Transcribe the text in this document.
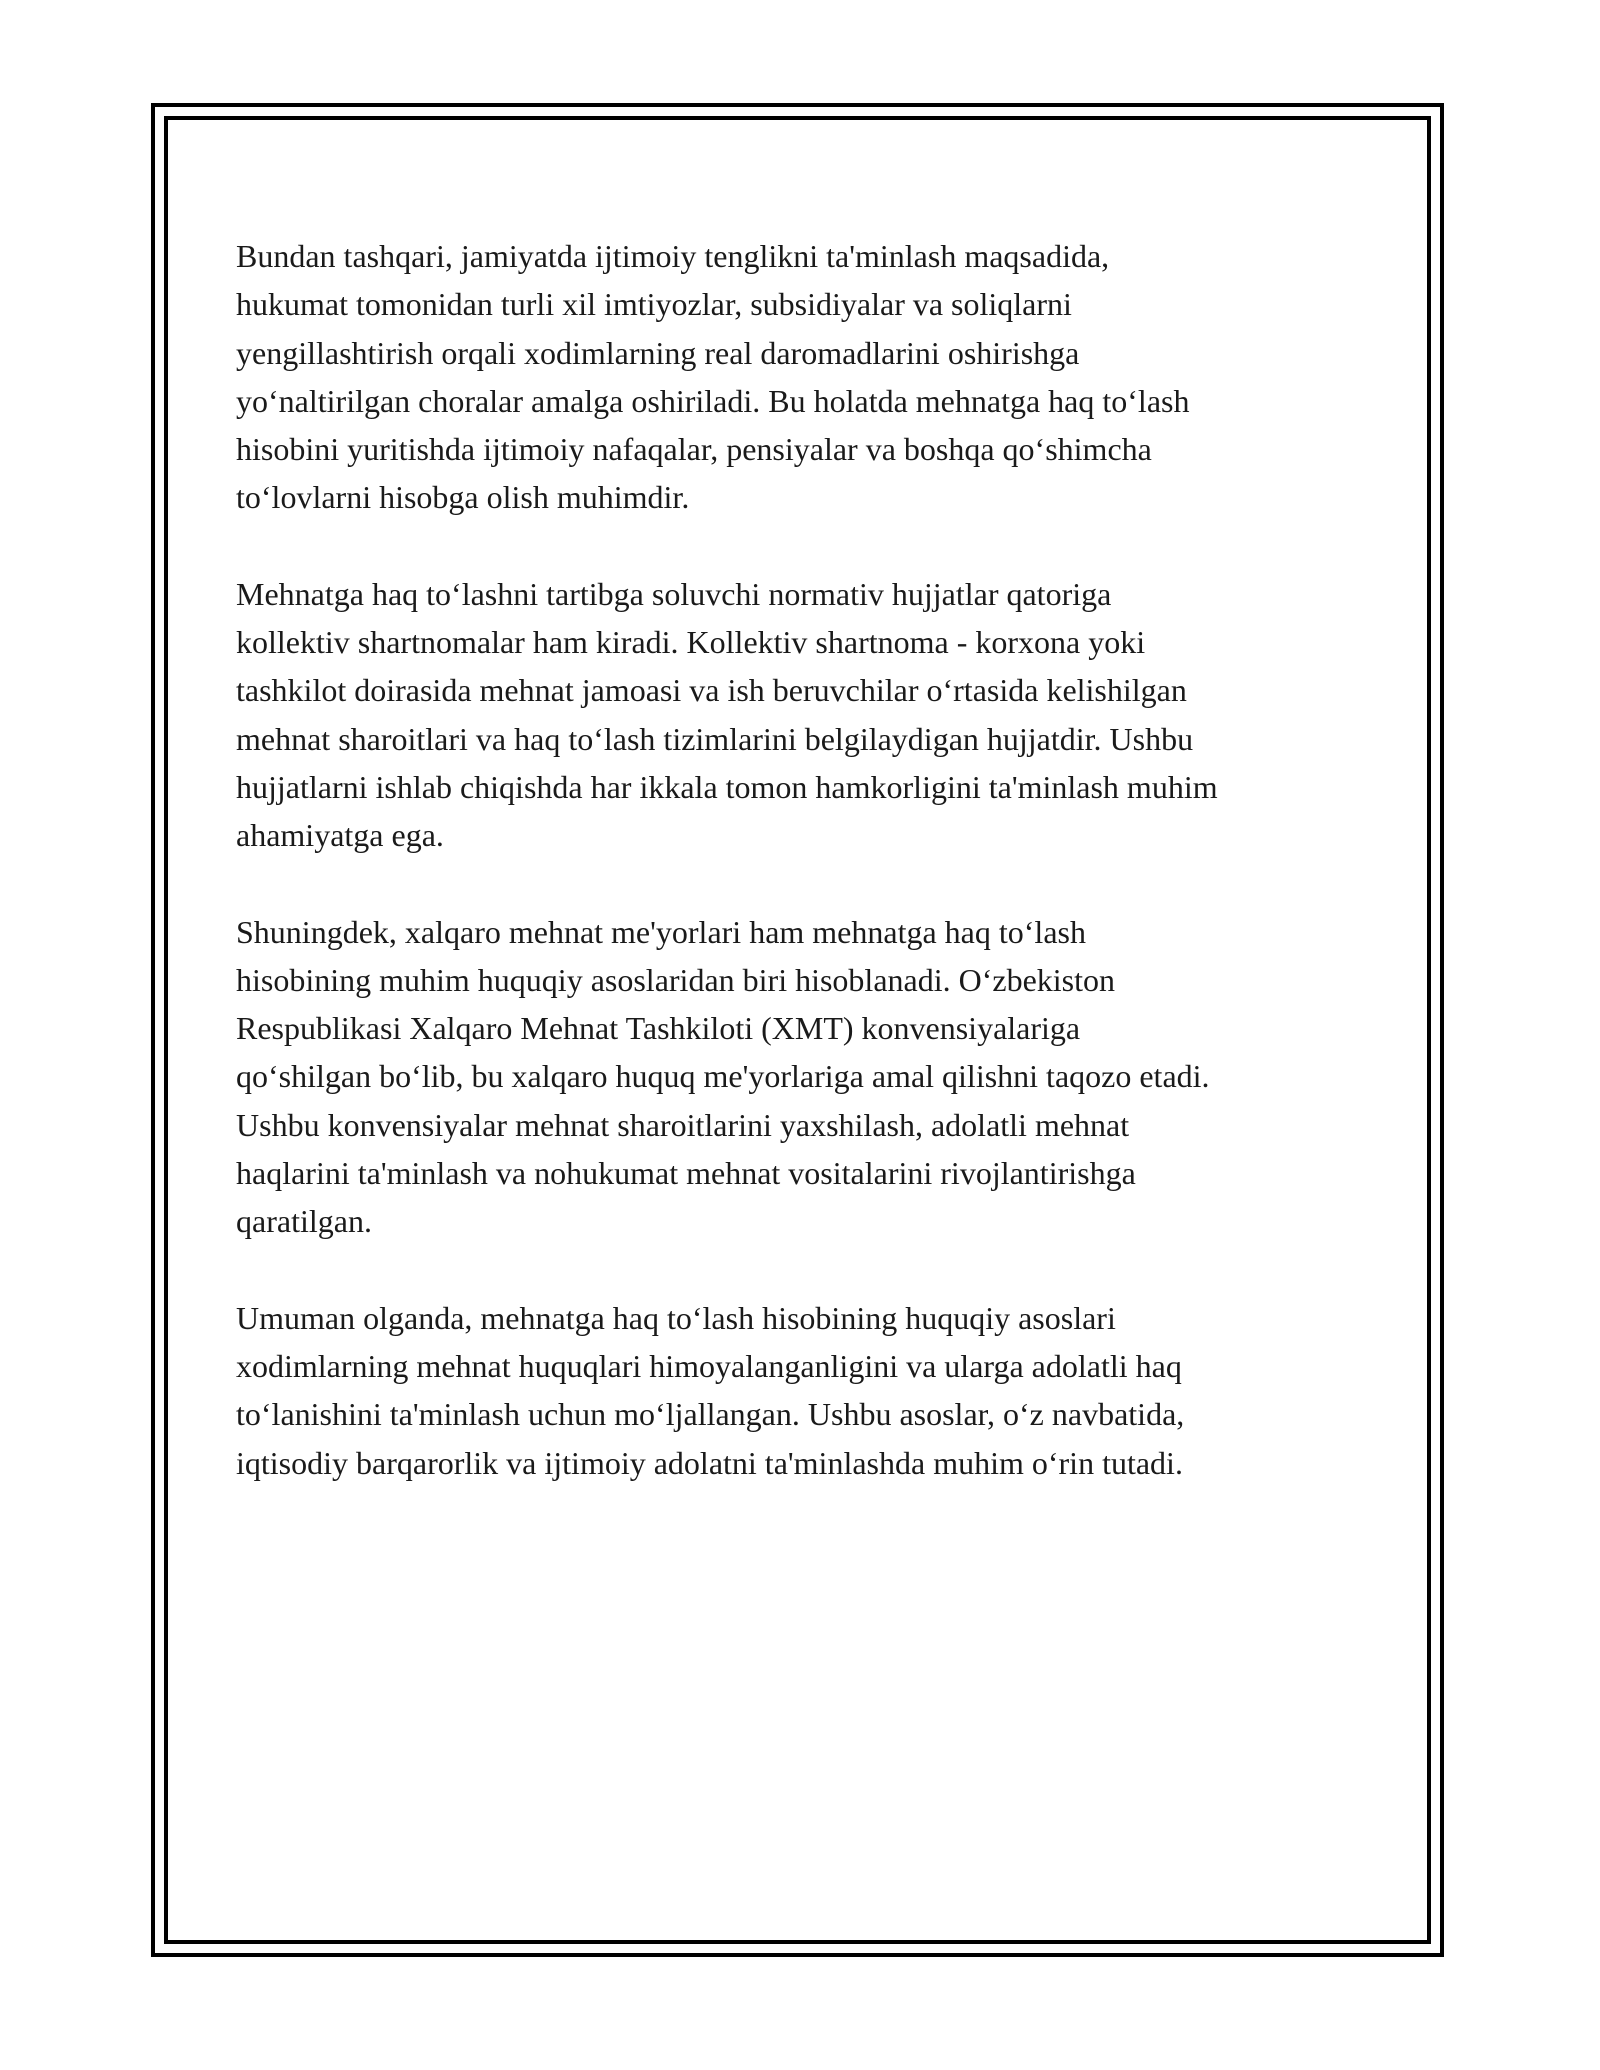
Bundan tashqari, jamiyatda ijtimoiy tenglikni ta'minlash maqsadida,
hukumat tomonidan turli xil imtiyozlar, subsidiyalar va soliqlarni
yengillashtirish orqali xodimlarning real daromadlarini oshirishga
yo‘naltirilgan choralar amalga oshiriladi. Bu holatda mehnatga haq to‘lash
hisobini yuritishda ijtimoiy nafaqalar, pensiyalar va boshqa qo‘shimcha
to‘lovlarni hisobga olish muhimdir.

Mehnatga haq to‘lashni tartibga soluvchi normativ hujjatlar qatoriga
kollektiv shartnomalar ham kiradi. Kollektiv shartnoma - korxona yoki
tashkilot doirasida mehnat jamoasi va ish beruvchilar o‘rtasida kelishilgan
mehnat sharoitlari va haq to‘lash tizimlarini belgilaydigan hujjatdir. Ushbu
hujjatlarni ishlab chiqishda har ikkala tomon hamkorligini ta'minlash muhim
ahamiyatga ega.

Shuningdek, xalqaro mehnat me'yorlari ham mehnatga haq to‘lash
hisobining muhim huquqiy asoslaridan biri hisoblanadi. O‘zbekiston
Respublikasi Xalqaro Mehnat Tashkiloti (XMT) konvensiyalariga
qo‘shilgan bo‘lib, bu xalqaro huquq me'yorlariga amal qilishni taqozo etadi.
Ushbu konvensiyalar mehnat sharoitlarini yaxshilash, adolatli mehnat
haqlarini ta'minlash va nohukumat mehnat vositalarini rivojlantirishga
qaratilgan.

Umuman olganda, mehnatga haq to‘lash hisobining huquqiy asoslari
xodimlarning mehnat huquqlari himoyalanganligini va ularga adolatli haq
to‘lanishini ta'minlash uchun mo‘ljallangan. Ushbu asoslar, o‘z navbatida,
iqtisodiy barqarorlik va ijtimoiy adolatni ta'minlashda muhim o‘rin tutadi.
